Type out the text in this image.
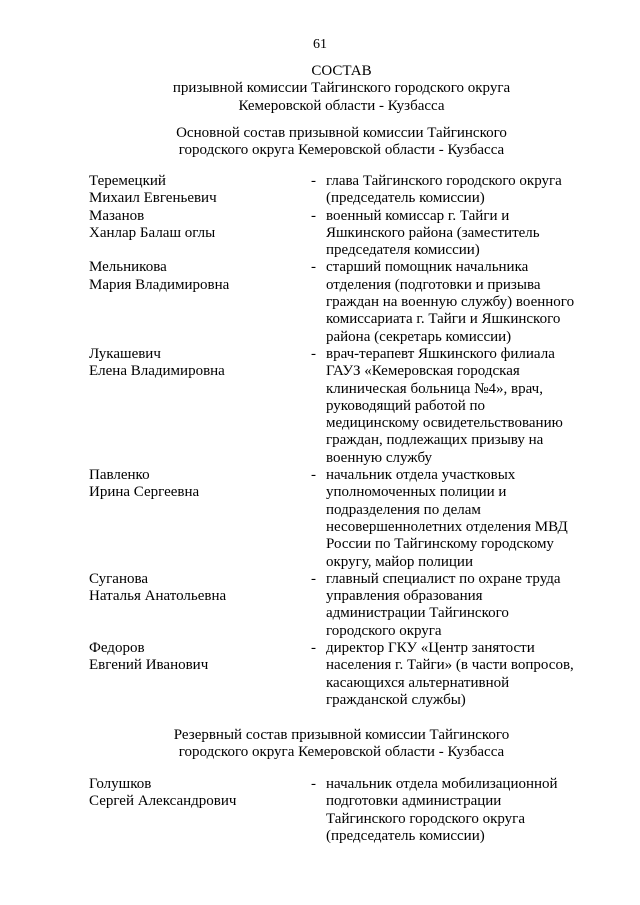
61
СОСТАВ
призывной комиссии Тайгинского городского округа
Кемеровской области - Кузбасса
Основной состав призывной комиссии Тайгинского
городского округа Кемеровской области - Кузбасса
Теремецкий
Михаил Евгеньевич
- глава Тайгинского городского округа
(председатель комиссии)
Мазанов
Ханлар Балаш оглы
- военный комиссар г. Тайги и
Яшкинского района (заместитель
председателя комиссии)
Мельникова
Мария Владимировна
- старший помощник начальника
отделения (подготовки и призыва
граждан на военную службу) военного
комиссариата г. Тайги и Яшкинского
района (секретарь комиссии)
Лукашевич
Елена Владимировна
- врач-терапевт Яшкинского филиала
ГАУЗ «Кемеровская городская
клиническая больница №4», врач,
руководящий работой по
медицинскому освидетельствованию
граждан, подлежащих призыву на
военную службу
Павленко
Ирина Сергеевна
- начальник отдела участковых
уполномоченных полиции и
подразделения по делам
несовершеннолетних отделения МВД
России по Тайгинскому городскому
округу, майор полиции
Суганова
Наталья Анатольевна
- главный специалист по охране труда
управления образования
администрации Тайгинского
городского округа
Федоров
Евгений Иванович
- директор ГКУ «Центр занятости
населения г. Тайги» (в части вопросов,
касающихся альтернативной
гражданской службы)
Резервный состав призывной комиссии Тайгинского
городского округа Кемеровской области - Кузбасса
Голушков
Сергей Александрович
- начальник отдела мобилизационной
подготовки администрации
Тайгинского городского округа
(председатель комиссии)
